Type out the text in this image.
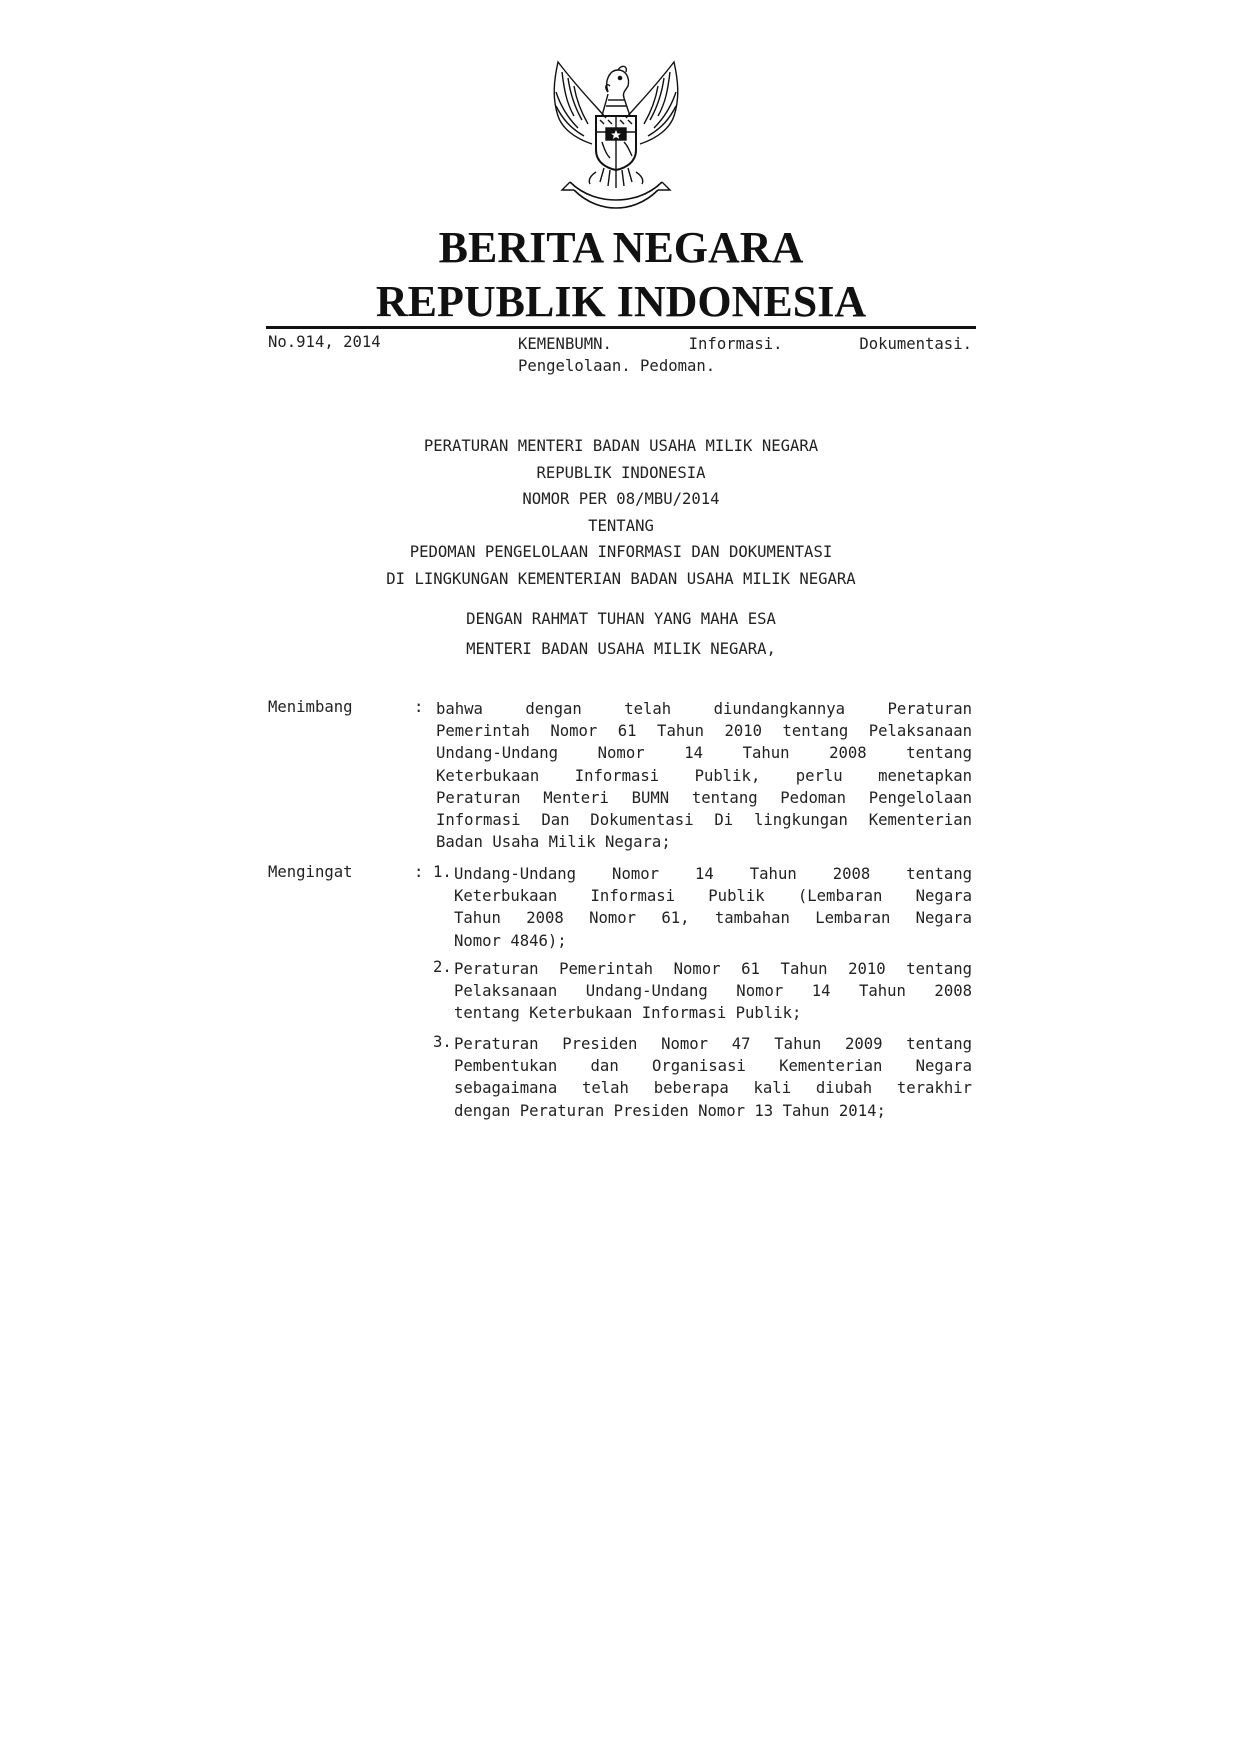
BERITA NEGARA
REPUBLIK INDONESIA
No.914, 2014	KEMENBUMN.	Informasi.	Dokumentasi.
Pengelolaan. Pedoman.
PERATURAN MENTERI BADAN USAHA MILIK NEGARA
REPUBLIK INDONESIA
NOMOR PER 08/MBU/2014
TENTANG
PEDOMAN PENGELOLAAN INFORMASI DAN DOKUMENTASI
DI LINGKUNGAN KEMENTERIAN BADAN USAHA MILIK NEGARA
DENGAN RAHMAT TUHAN YANG MAHA ESA
MENTERI BADAN USAHA MILIK NEGARA,
Menimbang	: bahwa dengan telah diundangkannya Peraturan
Pemerintah Nomor 61 Tahun 2010 tentang Pelaksanaan
Undang-Undang Nomor 14 Tahun 2008 tentang
Keterbukaan Informasi Publik, perlu menetapkan
Peraturan Menteri BUMN tentang Pedoman Pengelolaan
Informasi Dan Dokumentasi Di lingkungan Kementerian
Badan Usaha Milik Negara;
Mengingat	: 1. Undang-Undang Nomor 14 Tahun 2008 tentang
Keterbukaan Informasi Publik (Lembaran Negara
Tahun 2008 Nomor 61, tambahan Lembaran Negara
Nomor 4846);
2. Peraturan Pemerintah Nomor 61 Tahun 2010 tentang
Pelaksanaan Undang-Undang Nomor 14 Tahun 2008
tentang Keterbukaan Informasi Publik;
3. Peraturan Presiden Nomor 47 Tahun 2009 tentang
Pembentukan dan Organisasi Kementerian Negara
sebagaimana telah beberapa kali diubah terakhir
dengan Peraturan Presiden Nomor 13 Tahun 2014;
